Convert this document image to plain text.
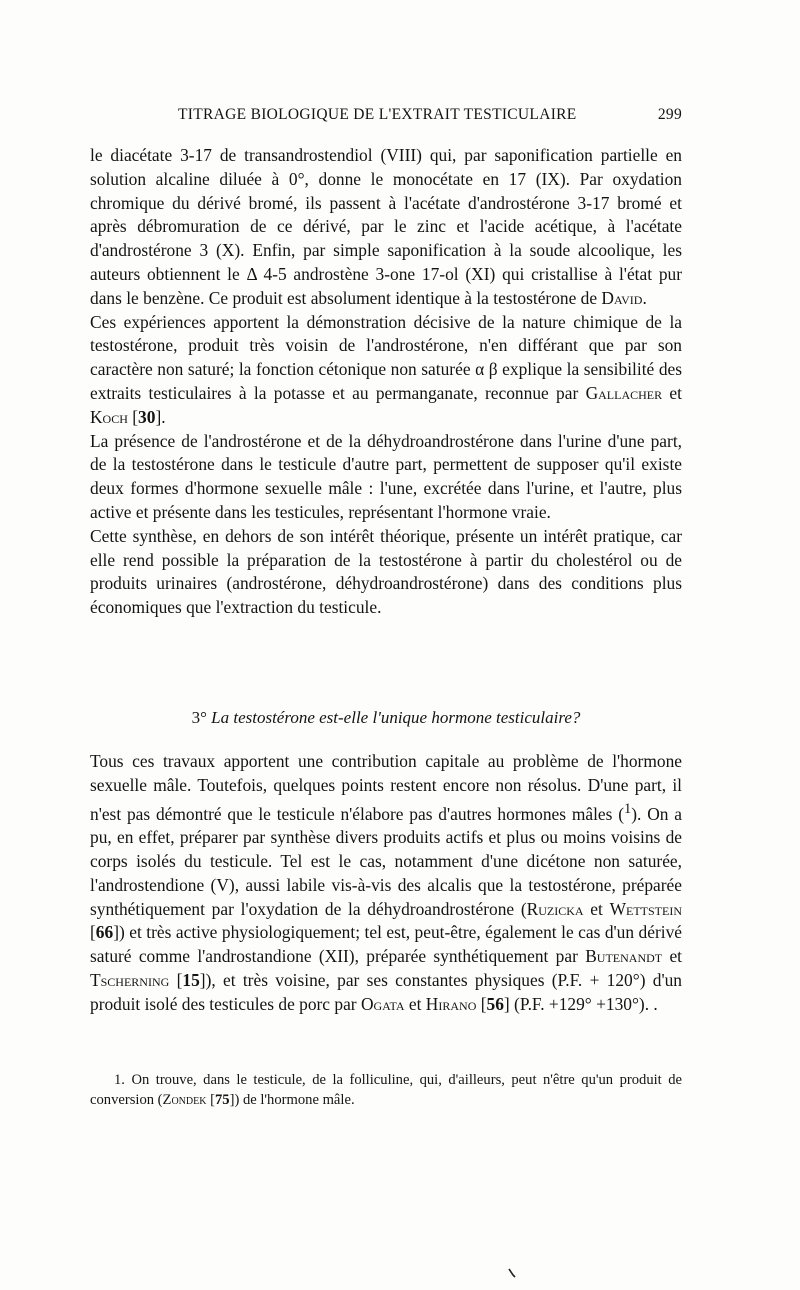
TITRAGE BIOLOGIQUE DE L'EXTRAIT TESTICULAIRE	299

le diacétate 3-17 de transandrostendiol (VIII) qui, par saponification partielle en solution alcaline diluée à 0°, donne le monocétate en 17 (IX). Par oxydation chromique du dérivé bromé, ils passent à l'acétate d'androstérone 3-17 bromé et après débromuration de ce dérivé, par le zinc et l'acide acétique, à l'acétate d'androstérone 3 (X). Enfin, par simple saponification à la soude alcoolique, les auteurs obtiennent le Δ 4-5 androstène 3-one 17-ol (XI) qui cristallise à l'état pur dans le benzène. Ce produit est absolument identique à la testostérone de David.

Ces expériences apportent la démonstration décisive de la nature chimique de la testostérone, produit très voisin de l'androstérone, n'en différant que par son caractère non saturé; la fonction cétonique non saturée α β explique la sensibilité des extraits testiculaires à la potasse et au permanganate, reconnue par Gallacher et Koch [30].

La présence de l'androstérone et de la déhydroandrostérone dans l'urine d'une part, de la testostérone dans le testicule d'autre part, permettent de supposer qu'il existe deux formes d'hormone sexuelle mâle : l'une, excrétée dans l'urine, et l'autre, plus active et présente dans les testicules, représentant l'hormone vraie.

Cette synthèse, en dehors de son intérêt théorique, présente un intérêt pratique, car elle rend possible la préparation de la testostérone à partir du cholestérol ou de produits urinaires (androstérone, déhydroandrostérone) dans des conditions plus économiques que l'extraction du testicule.

3° La testostérone est-elle l'unique hormone testiculaire?

Tous ces travaux apportent une contribution capitale au problème de l'hormone sexuelle mâle. Toutefois, quelques points restent encore non résolus. D'une part, il n'est pas démontré que le testicule n'élabore pas d'autres hormones mâles ($^1$). On a pu, en effet, préparer par synthèse divers produits actifs et plus ou moins voisins de corps isolés du testicule. Tel est le cas, notamment d'une dicétone non saturée, l'androstendione (V), aussi labile vis-à-vis des alcalis que la testostérone, préparée synthétiquement par l'oxydation de la déhydroandrostérone (Ruzicka et Wettstein [66]) et très active physiologiquement; tel est, peut-être, également le cas d'un dérivé saturé comme l'androstandione (XII), préparée synthétiquement par Butenandt et Tscherning [15]), et très voisine, par ses constantes physiques (P.F. + 120°) d'un produit isolé des testicules de porc par Ogata et Hirano [56] (P.F. +129° +130°). .

1. On trouve, dans le testicule, de la folliculine, qui, d'ailleurs, peut n'être qu'un produit de conversion (Zondek [75]) de l'hormone mâle.
